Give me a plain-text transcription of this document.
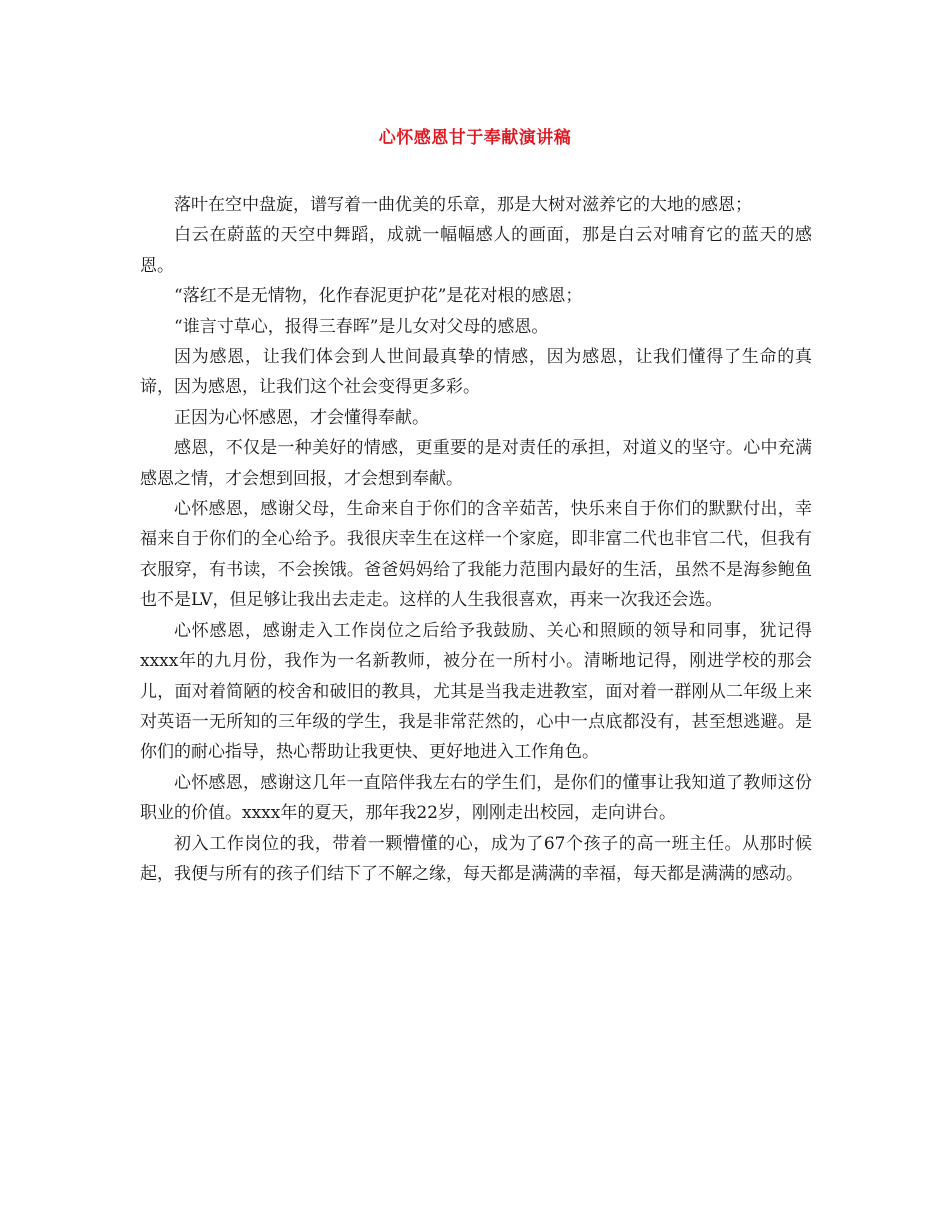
心怀感恩甘于奉献演讲稿

落叶在空中盘旋，谱写着一曲优美的乐章，那是大树对滋养它的大地的感恩；

白云在蔚蓝的天空中舞蹈，成就一幅幅感人的画面，那是白云对哺育它的蓝天的感恩。

“落红不是无情物，化作春泥更护花”是花对根的感恩；

“谁言寸草心，报得三春晖”是儿女对父母的感恩。

因为感恩，让我们体会到人世间最真挚的情感，因为感恩，让我们懂得了生命的真谛，因为感恩，让我们这个社会变得更多彩。

正因为心怀感恩，才会懂得奉献。

感恩，不仅是一种美好的情感，更重要的是对责任的承担，对道义的坚守。心中充满感恩之情，才会想到回报，才会想到奉献。

心怀感恩，感谢父母，生命来自于你们的含辛茹苦，快乐来自于你们的默默付出，幸福来自于你们的全心给予。我很庆幸生在这样一个家庭，即非富二代也非官二代，但我有衣服穿，有书读，不会挨饿。爸爸妈妈给了我能力范围内最好的生活，虽然不是海参鲍鱼也不是LV，但足够让我出去走走。这样的人生我很喜欢，再来一次我还会选。

心怀感恩，感谢走入工作岗位之后给予我鼓励、关心和照顾的领导和同事，犹记得xxxx年的九月份，我作为一名新教师，被分在一所村小。清晰地记得，刚进学校的那会儿，面对着简陋的校舍和破旧的教具，尤其是当我走进教室，面对着一群刚从二年级上来对英语一无所知的三年级的学生，我是非常茫然的，心中一点底都没有，甚至想逃避。是你们的耐心指导，热心帮助让我更快、更好地进入工作角色。

心怀感恩，感谢这几年一直陪伴我左右的学生们，是你们的懂事让我知道了教师这份职业的价值。xxxx年的夏天，那年我22岁，刚刚走出校园，走向讲台。

初入工作岗位的我，带着一颗懵懂的心，成为了67个孩子的高一班主任。从那时候起，我便与所有的孩子们结下了不解之缘，每天都是满满的幸福，每天都是满满的感动。
